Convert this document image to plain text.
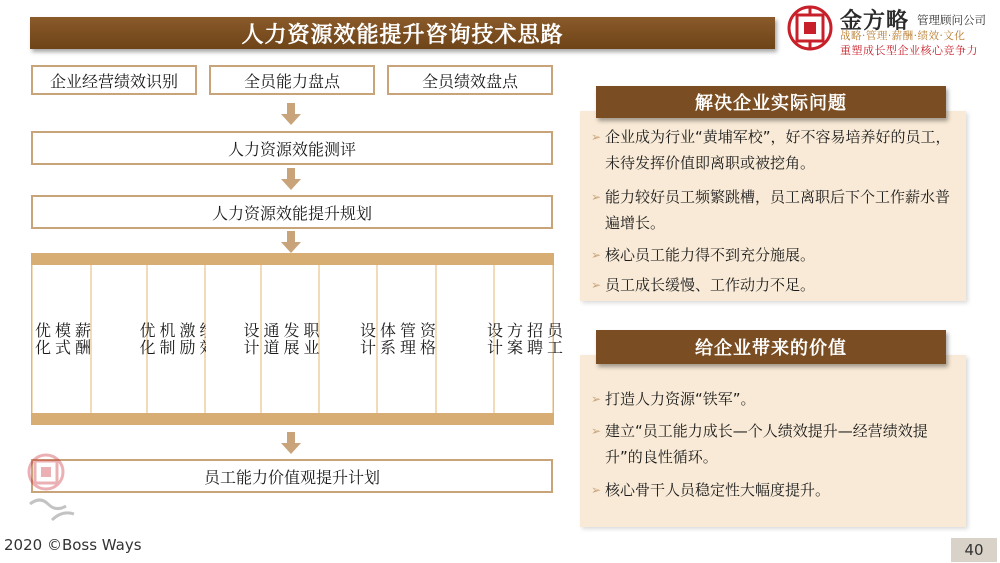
人力资源效能提升咨询技术思路
金方略 管理顾问公司
战略·管理·薪酬·绩效·文化
重塑成长型企业核心竞争力
企业经营绩效识别	全员能力盘点	全员绩效盘点
人力资源效能测评
人力资源效能提升规划
薪酬
模式
优化	
激励
机制
优化	
职业
发展
通道
设计	
资格
管理
体系
设计	员工
招聘
方案
设计
员工能力价值观提升计划
解决企业实际问题
➢ 企业成为行业“黄埔军校”，好不容易培养好的员工，未待发挥价值即离职或被挖角。
➢ 能力较好员工频繁跳槽，员工离职后下个工作薪水普遍增长。
➢ 核心员工能力得不到充分施展。
➢ 员工成长缓慢、工作动力不足。
给企业带来的价值
➢ 打造人力资源“铁军”。
➢ 建立“员工能力成长—个人绩效提升—经营绩效提升”的良性循环。
➢ 核心骨干人员稳定性大幅度提升。
2020 ©Boss Ways	40
